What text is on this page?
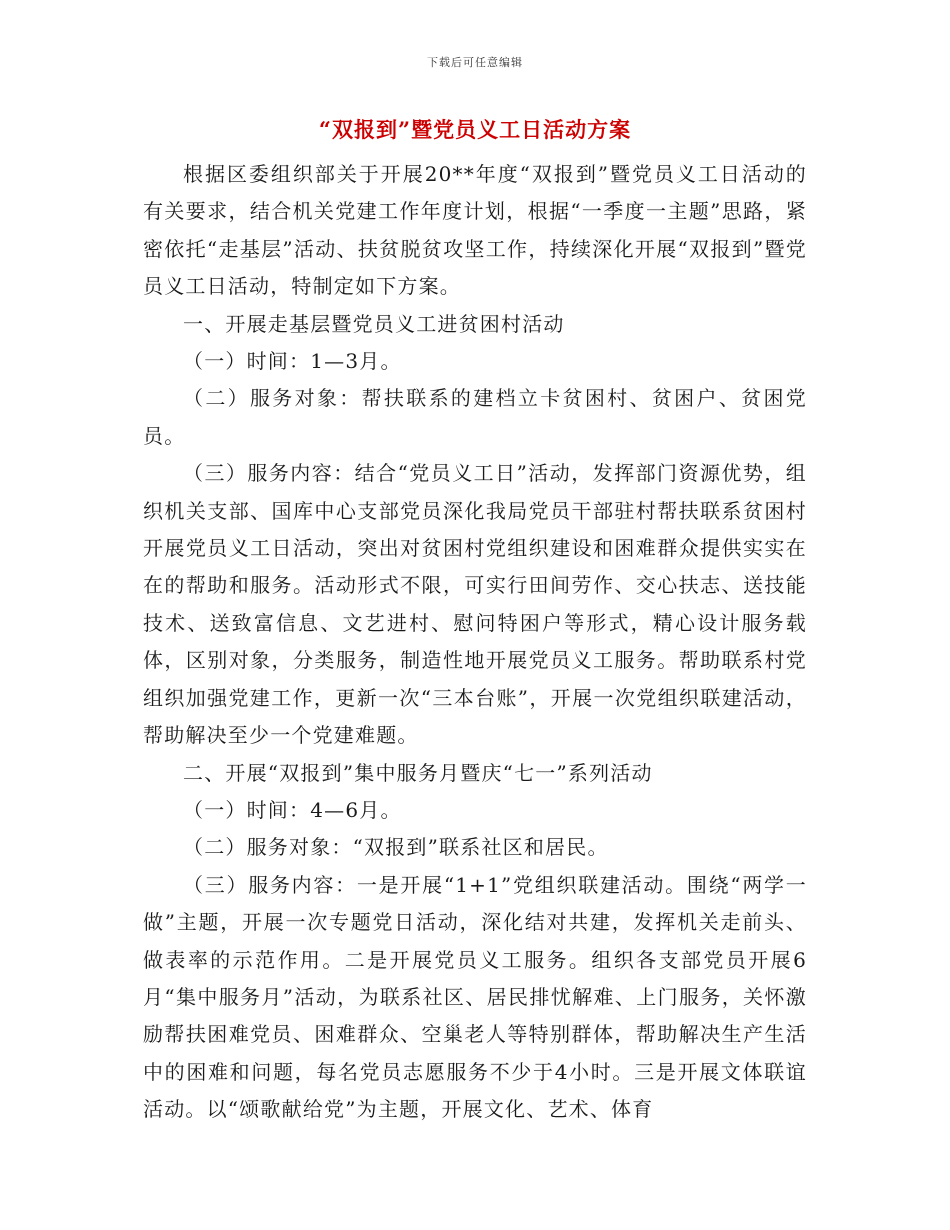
下载后可任意编辑
“双报到”暨党员义工日活动方案

根据区委组织部关于开展20**年度“双报到”暨党员义工日活动的有关要求，结合机关党建工作年度计划，根据“一季度一主题”思路，紧密依托“走基层”活动、扶贫脱贫攻坚工作，持续深化开展“双报到”暨党员义工日活动，特制定如下方案。

一、开展走基层暨党员义工进贫困村活动

（一）时间：1—3月。

（二）服务对象：帮扶联系的建档立卡贫困村、贫困户、贫困党员。

（三）服务内容：结合“党员义工日”活动，发挥部门资源优势，组织机关支部、国库中心支部党员深化我局党员干部驻村帮扶联系贫困村开展党员义工日活动，突出对贫困村党组织建设和困难群众提供实实在在的帮助和服务。活动形式不限，可实行田间劳作、交心扶志、送技能技术、送致富信息、文艺进村、慰问特困户等形式，精心设计服务载体，区别对象，分类服务，制造性地开展党员义工服务。帮助联系村党组织加强党建工作，更新一次“三本台账”，开展一次党组织联建活动，帮助解决至少一个党建难题。

二、开展“双报到”集中服务月暨庆“七一”系列活动

（一）时间：4—6月。

（二）服务对象：“双报到”联系社区和居民。

（三）服务内容：一是开展“1+1”党组织联建活动。围绕“两学一做”主题，开展一次专题党日活动，深化结对共建，发挥机关走前头、做表率的示范作用。二是开展党员义工服务。组织各支部党员开展6月“集中服务月”活动，为联系社区、居民排忧解难、上门服务，关怀激励帮扶困难党员、困难群众、空巢老人等特别群体，帮助解决生产生活中的困难和问题，每名党员志愿服务不少于4小时。三是开展文体联谊活动。以“颂歌献给党”为主题，开展文化、艺术、体育
